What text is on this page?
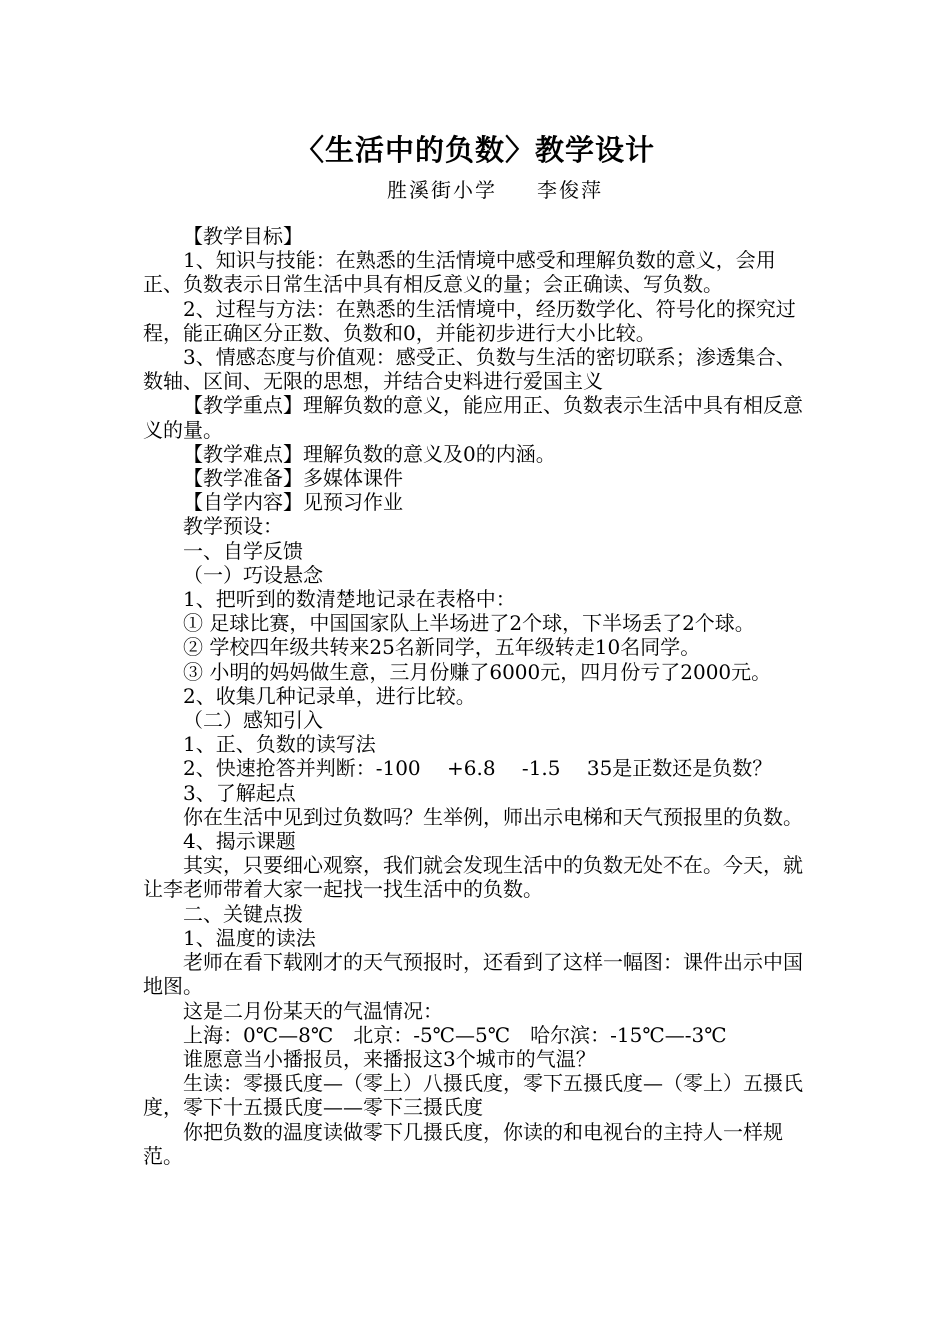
〈生活中的负数〉教学设计
胜溪街小学 李俊萍

【教学目标】

1、知识与技能：在熟悉的生活情境中感受和理解负数的意义，会用正、负数表示日常生活中具有相反意义的量；会正确读、写负数。

2、过程与方法：在熟悉的生活情境中，经历数学化、符号化的探究过程，能正确区分正数、负数和0，并能初步进行大小比较。

3、情感态度与价值观：感受正、负数与生活的密切联系；渗透集合、数轴、区间、无限的思想，并结合史料进行爱国主义

【教学重点】理解负数的意义，能应用正、负数表示生活中具有相反意义的量。

【教学难点】理解负数的意义及0的内涵。

【教学准备】多媒体课件

【自学内容】见预习作业

教学预设：

一、自学反馈

（一）巧设悬念

1、把听到的数清楚地记录在表格中：

① 足球比赛，中国国家队上半场进了2个球，下半场丢了2个球。

② 学校四年级共转来25名新同学，五年级转走10名同学。

③ 小明的妈妈做生意，三月份赚了6000元，四月份亏了2000元。

2、收集几种记录单，进行比较。

（二）感知引入

1、正、负数的读写法

2、快速抢答并判断：-100　 +6.8　 -1.5　 35是正数还是负数？

3、了解起点

你在生活中见到过负数吗？生举例，师出示电梯和天气预报里的负数。

4、揭示课题

其实，只要细心观察，我们就会发现生活中的负数无处不在。今天，就让李老师带着大家一起找一找生活中的负数。

二、关键点拨

1、温度的读法

老师在看下载刚才的天气预报时，还看到了这样一幅图：课件出示中国地图。

这是二月份某天的气温情况：

上海：0℃—8℃　北京：-5℃—5℃　哈尔滨：-15℃—-3℃

谁愿意当小播报员，来播报这3个城市的气温？

生读：零摄氏度—（零上）八摄氏度，零下五摄氏度—（零上）五摄氏度，零下十五摄氏度——零下三摄氏度

你把负数的温度读做零下几摄氏度，你读的和电视台的主持人一样规范。
